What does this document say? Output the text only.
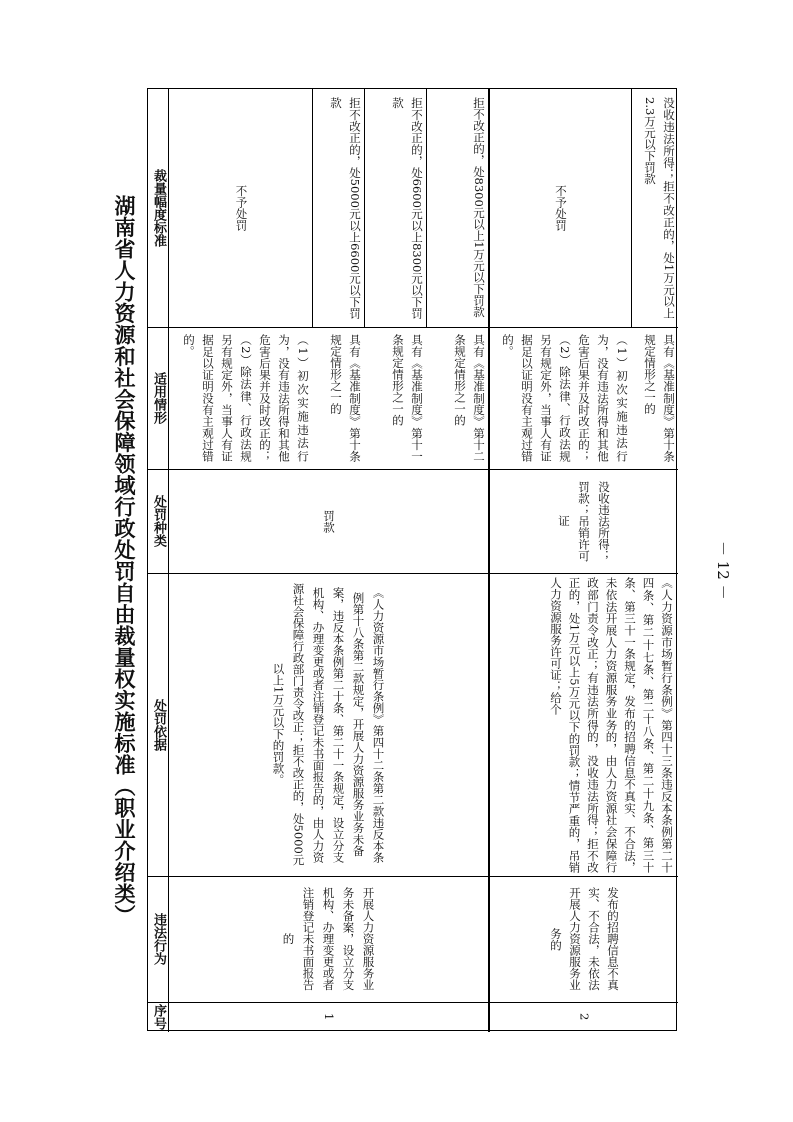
湖南省人力资源和社会保障领域行政处罚自由裁量权实施标准（职业介绍类）	裁量幅度标准
适用情形
处罚种类
处罚依据
违法行为
序号	1
开展人力资源服务业务未备案，设立分支机构、办理变更或者注销登记未书面报告的
《人力资源市场暂行条例》第四十二条第二款违反本条例第十八条第二款规定，开展人力资源服务业务未备案，违反本条例第二十条、第二十一条规定，设立分支机构、办理变更或者注销登记未书面报告的，由人力资源社会保障行政部门责令改正；拒不改正的，处5000元以上1万元以下的罚款。
罚款
（1）初次实施违法行为，没有违法所得和其他危害后果并及时改正的；（2）除法律、行政法规另有规定外，当事人有证据足以证明没有主观过错的。
不予处罚
具有《基准制度》第十条规定情形之一的
拒不改正的，处5000元以上6600元以下罚款
具有《基准制度》第十一条规定情形之一的
拒不改正的，处6600元以上8300元以下罚款
具有《基准制度》第十二条规定情形之一的
拒不改正的，处8300元以上1万元以下罚款
2
发布的招聘信息不真实、不合法，未依法开展人力资源服务业务的
《人力资源市场暂行条例》第四十三条违反本条例第二十四条、第二十七条、第二十八条、第二十九条、第三十条、第三十一条规定，发布的招聘信息不真实、不合法，未依法开展人力资源服务业务的，由人力资源社会保障行政部门责令改正；有违法所得的，没收违法所得；拒不改正的，处1万元以上5万元以下的罚款；情节严重的，吊销人力资源服务许可证；给个
没收违法所得；罚款；吊销许可证
（1）初次实施违法行为，没有违法所得和其他危害后果并及时改正的；（2）除法律、行政法规另有规定外，当事人有证据足以证明没有主观过错的。
不予处罚
具有《基准制度》第十条规定情形之一的
没收违法所得；拒不改正的，处1万元以上2.3万元以下罚款
－ 12 －
